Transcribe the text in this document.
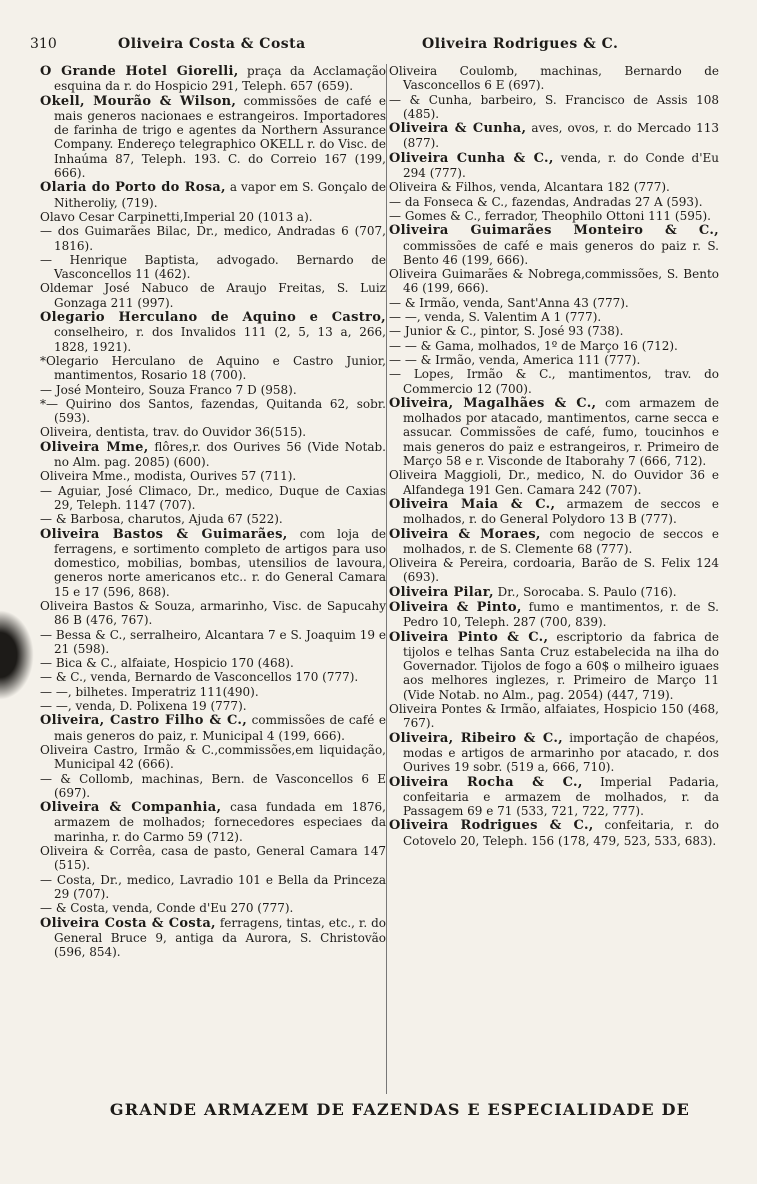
310	Oliveira Costa & Costa	Oliveira Rodrigues & C.
O Grande Hotel Giorelli, praça da Acclamação esquina da r. do Hospicio 291, Teleph. 657 (659).
Okell, Mourão & Wilson, commissões de café e mais generos nacionaes e estrangeiros. Importadores de farinha de trigo e agentes da Northern Assurance Company. Endereço telegraphico OKELL r. do Visc. de Inhaúma 87, Teleph. 193. C. do Correio 167 (199, 666).
Olaria do Porto do Rosa, a vapor em S. Gonçalo de Nitheroliy, (719).
Olavo Cesar Carpinetti,Imperial 20 (1013 a).
— dos Guimarães Bilac, Dr., medico, Andradas 6 (707, 1816).
— Henrique Baptista, advogado. Bernardo de Vasconcellos 11 (462).
Oldemar José Nabuco de Araujo Freitas, S. Luiz Gonzaga 211 (997).
Olegario Herculano de Aquino e Castro, conselheiro, r. dos Invalidos 111 (2, 5, 13 a, 266, 1828, 1921).
*Olegario Herculano de Aquino e Castro Junior, mantimentos, Rosario 18 (700).
— José Monteiro, Souza Franco 7 D (958).
*— Quirino dos Santos, fazendas, Quitanda 62, sobr. (593).
Oliveira, dentista, trav. do Ouvidor 36(515).
Oliveira Mme, flôres,r. dos Ourives 56 (Vide Notab. no Alm. pag. 2085) (600).
Oliveira Mme., modista, Ourives 57 (711).
— Aguiar, José Climaco, Dr., medico, Duque de Caxias 29, Teleph. 1147 (707).
— & Barbosa, charutos, Ajuda 67 (522).
Oliveira Bastos & Guimarães, com loja de ferragens, e sortimento completo de artigos para uso domestico, mobilias, bombas, utensilios de lavoura, generos norte americanos etc.. r. do General Camara 15 e 17 (596, 868).
Oliveira Bastos & Souza, armarinho, Visc. de Sapucahy 86 B (476, 767).
— Bessa & C., serralheiro, Alcantara 7 e S. Joaquim 19 e 21 (598).
— Bica & C., alfaiate, Hospicio 170 (468).
— & C., venda, Bernardo de Vasconcellos 170 (777).
— —, bilhetes. Imperatriz 111(490).
— —, venda, D. Polixena 19 (777).
Oliveira, Castro Filho & C., commissões de café e mais generos do paiz, r. Municipal 4 (199, 666).
Oliveira Castro, Irmão & C.,commissões,em liquidação, Municipal 42 (666).
— & Collomb, machinas, Bern. de Vasconcellos 6 E (697).
Oliveira & Companhia, casa fundada em 1876, armazem de molhados; fornecedores especiaes da marinha, r. do Carmo 59 (712).
Oliveira & Corrêa, casa de pasto, General Camara 147 (515).
— Costa, Dr., medico, Lavradio 101 e Bella da Princeza 29 (707).
— & Costa, venda, Conde d'Eu 270 (777).
Oliveira Costa & Costa, ferragens, tintas, etc., r. do General Bruce 9, antiga da Aurora, S. Christovão (596, 854).
Oliveira Coulomb, machinas, Bernardo de Vasconcellos 6 E (697).
— & Cunha, barbeiro, S. Francisco de Assis 108 (485).
Oliveira & Cunha, aves, ovos, r. do Mercado 113 (877).
Oliveira Cunha & C., venda, r. do Conde d'Eu 294 (777).
Oliveira & Filhos, venda, Alcantara 182 (777).
— da Fonseca & C., fazendas, Andradas 27 A (593).
— Gomes & C., ferrador, Theophilo Ottoni 111 (595).
Oliveira Guimarães Monteiro & C., commissões de café e mais generos do paiz r. S. Bento 46 (199, 666).
Oliveira Guimarães & Nobrega,commissões, S. Bento 46 (199, 666).
— & Irmão, venda, Sant'Anna 43 (777).
— —, venda, S. Valentim A 1 (777).
— Junior & C., pintor, S. José 93 (738).
— — & Gama, molhados, 1º de Março 16 (712).
— — & Irmão, venda, America 111 (777).
— Lopes, Irmão & C., mantimentos, trav. do Commercio 12 (700).
Oliveira, Magalhães & C., com armazem de molhados por atacado, mantimentos, carne secca e assucar. Commissões de café, fumo, toucinhos e mais generos do paiz e estrangeiros, r. Primeiro de Março 58 e r. Visconde de Itaborahy 7 (666, 712).
Oliveira Maggioli, Dr., medico, N. do Ouvidor 36 e Alfandega 191 Gen. Camara 242 (707).
Oliveira Maia & C., armazem de seccos e molhados, r. do General Polydoro 13 B (777).
Oliveira & Moraes, com negocio de seccos e molhados, r. de S. Clemente 68 (777).
Oliveira & Pereira, cordoaria, Barão de S. Felix 124 (693).
Oliveira Pilar, Dr., Sorocaba. S. Paulo (716).
Oliveira & Pinto, fumo e mantimentos, r. de S. Pedro 10, Teleph. 287 (700, 839).
Oliveira Pinto & C., escriptorio da fabrica de tijolos e telhas Santa Cruz estabelecida na ilha do Governador. Tijolos de fogo a 60$ o milheiro iguaes aos melhores inglezes, r. Primeiro de Março 11 (Vide Notab. no Alm., pag. 2054) (447, 719).
Oliveira Pontes & Irmão, alfaiates, Hospicio 150 (468, 767).
Oliveira, Ribeiro & C., importação de chapéos, modas e artigos de armarinho por atacado, r. dos Ourives 19 sobr. (519 a, 666, 710).
Oliveira Rocha & C., Imperial Padaria, confeitaria e armazem de molhados, r. da Passagem 69 e 71 (533, 721, 722, 777).
Oliveira Rodrigues & C., confeitaria, r. do Cotovelo 20, Teleph. 156 (178, 479, 523, 533, 683).
GRANDE ARMAZEM DE FAZENDAS E ESPECIALIDADE DE
